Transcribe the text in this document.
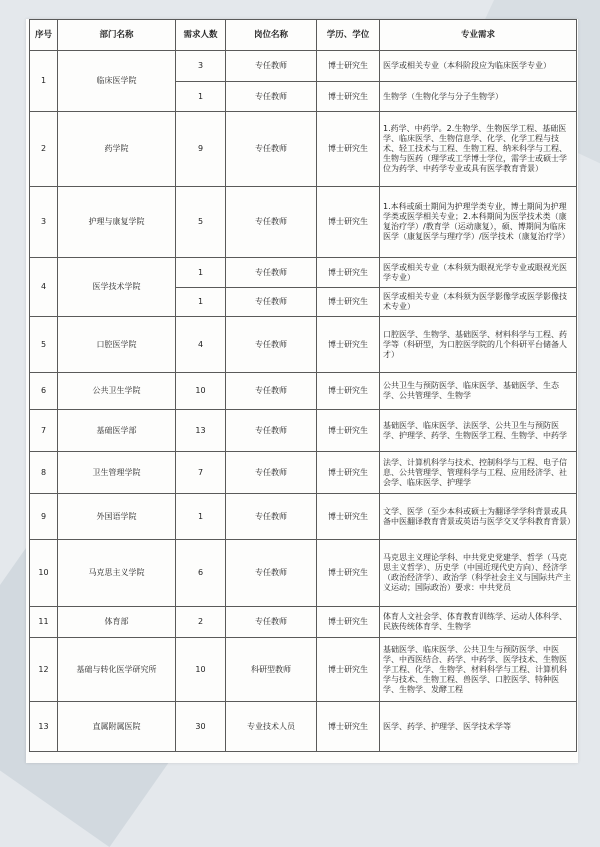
序号	部门名称	需求人数	岗位名称	学历、学位	专业需求
1	临床医学院	3	专任教师	博士研究生	医学或相关专业（本科阶段应为临床医学专业）
		1	专任教师	博士研究生	生物学（生物化学与分子生物学）
2	药学院	9	专任教师	博士研究生	1.药学、中药学。2.生物学、生物医学工程、基础医学、临床医学、生物信息学、化学、化学工程与技术、轻工技术与工程、生物工程、纳米科学与工程、生物与医药（理学或工学博士学位，需学士或硕士学位为药学、中药学专业或具有医学教育背景）
3	护理与康复学院	5	专任教师	博士研究生	1.本科或硕士期间为护理学类专业，博士期间为护理学类或医学相关专业；2.本科期间为医学技术类（康复治疗学）/教育学（运动康复），硕、博期间为临床医学（康复医学与理疗学）/医学技术（康复治疗学）
4	医学技术学院	1	专任教师	博士研究生	医学或相关专业（本科须为眼视光学专业或眼视光医学专业）
		1	专任教师	博士研究生	医学或相关专业（本科须为医学影像学或医学影像技术专业）
5	口腔医学院	4	专任教师	博士研究生	口腔医学、生物学、基础医学、材料科学与工程、药学等（科研型，为口腔医学院的几个科研平台储备人才）
6	公共卫生学院	10	专任教师	博士研究生	公共卫生与预防医学、临床医学、基础医学、生态学、公共管理学、生物学
7	基础医学部	13	专任教师	博士研究生	基础医学、临床医学、法医学、公共卫生与预防医学、护理学、药学、生物医学工程、生物学、中药学
8	卫生管理学院	7	专任教师	博士研究生	法学、计算机科学与技术、控制科学与工程、电子信息、公共管理学、管理科学与工程、应用经济学、社会学、临床医学、护理学
9	外国语学院	1	专任教师	博士研究生	文学、医学（至少本科或硕士为翻译学学科背景或具备中医翻译教育背景或英语与医学交叉学科教育背景）
10	马克思主义学院	6	专任教师	博士研究生	马克思主义理论学科、中共党史党建学、哲学（马克思主义哲学）、历史学（中国近现代史方向）、经济学（政治经济学）、政治学（科学社会主义与国际共产主义运动；国际政治）要求：中共党员
11	体育部	2	专任教师	博士研究生	体育人文社会学、体育教育训练学、运动人体科学、民族传统体育学、生物学
12	基础与转化医学研究所	10	科研型教师	博士研究生	基础医学、临床医学、公共卫生与预防医学、中医学、中西医结合、药学、中药学、医学技术、生物医学工程、化学、生物学、材料科学与工程、计算机科学与技术、生物工程、兽医学、口腔医学、特种医学、生物学、发酵工程
13	直属附属医院	30	专业技术人员	博士研究生	医学、药学、护理学、医学技术学等
